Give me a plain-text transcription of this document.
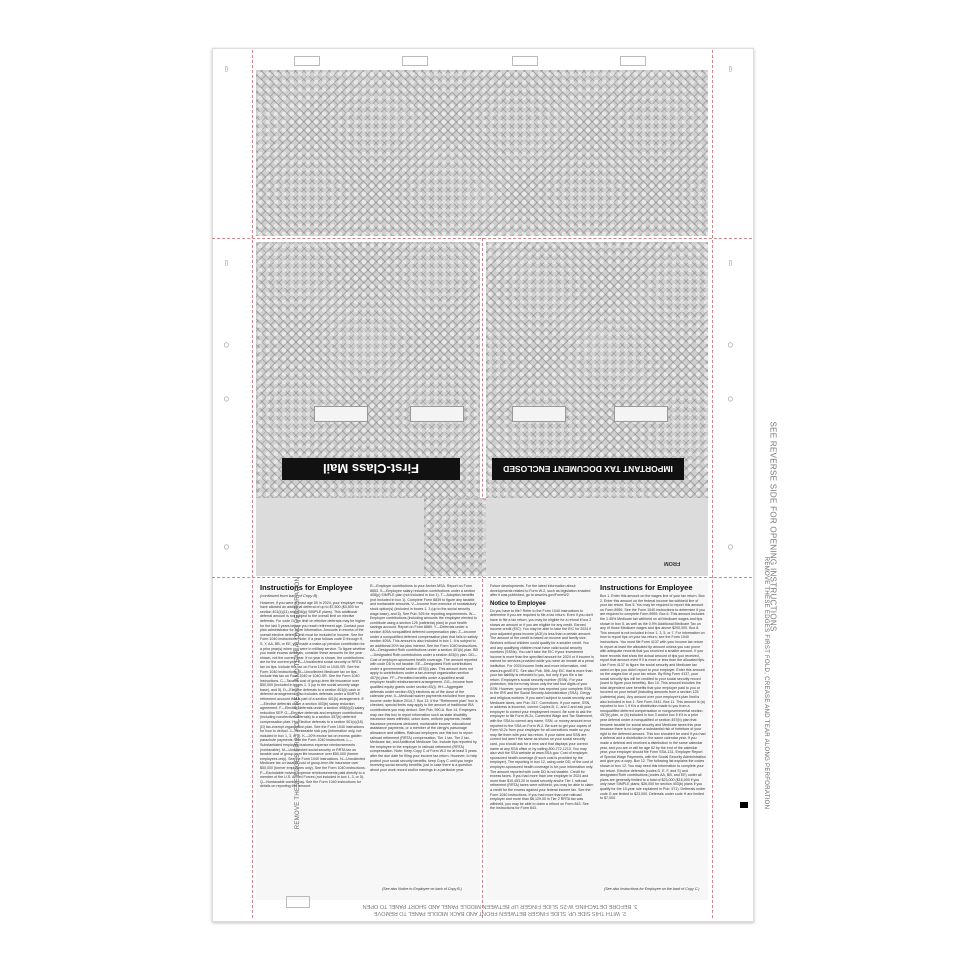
▯
▯
○
○
○
▯
▯
○
○
○
First-Class Mail	IMPORTANT TAX DOCUMENT ENCLOSED
FROM	SEE REVERSE SIDE FOR OPENING INSTRUCTIONS
Instructions for Employee
(continued from back of Copy B)

However, if you were at least age 50 in 2024, your employer may have allowed an additional deferral of up to $7,500 ($3,500 for section 401(k)(11) and 408(p) SIMPLE plans). This additional deferral amount is not subject to the overall limit on elective deferrals. For code G, the limit on elective deferrals may be higher for the last 3 years before you reach retirement age. Contact your plan administrator for more information. Amounts in excess of the overall elective deferral limit must be included in income. See the Form 1040 instructions. Note: If a year follows code D through H, S, Y, AA, BB, or EE, you made a make-up pension contribution for a prior year(s) when you were in military service. To figure whether you made excess deferrals, consider these amounts for the year shown, not the current year. If no year is shown, the contributions are for the current year. A—Uncollected social security or RRTA tax on tips. Include this tax on Form 1040 or 1040-SR. See the Form 1040 instructions. B—Uncollected Medicare tax on tips. Include this tax on Form 1040 or 1040-SR. See the Form 1040 instructions. C—Taxable cost of group-term life insurance over $50,000 (included in boxes 1, 3 (up to the social security wage base), and 5). D—Elective deferrals to a section 401(k) cash or deferred arrangement. Also includes deferrals under a SIMPLE retirement account that is part of a section 401(k) arrangement. E—Elective deferrals under a section 403(b) salary reduction agreement. F—Elective deferrals under a section 408(k)(6) salary reduction SEP. G—Elective deferrals and employer contributions (including nonelective deferrals) to a section 457(b) deferred compensation plan. H—Elective deferrals to a section 501(c)(18)(D) tax-exempt organization plan. See the Form 1040 instructions for how to deduct. J—Nontaxable sick pay (information only, not included in box 1, 3, or 5). K—20% excise tax on excess golden parachute payments. See the Form 1040 instructions. L—Substantiated employee business expense reimbursements (nontaxable). M—Uncollected social security or RRTA tax on taxable cost of group-term life insurance over $50,000 (former employees only). See the Form 1040 instructions. N—Uncollected Medicare tax on taxable cost of group-term life insurance over $50,000 (former employees only). See the Form 1040 instructions. P—Excludable moving expense reimbursements paid directly to a member of the U.S. Armed Forces (not included in box 1, 3, or 5). Q—Nontaxable combat pay. See the Form 1040 instructions for details on reporting this amount.

R—Employer contributions to your Archer MSA. Report on Form 8853. S—Employee salary reduction contributions under a section 408(p) SIMPLE plan (not included in box 1). T—Adoption benefits (not included in box 1). Complete Form 8839 to figure any taxable and nontaxable amounts. V—Income from exercise of nonstatutory stock option(s) (included in boxes 1, 3 (up to the social security wage base), and 5). See Pub. 525 for reporting requirements. W—Employer contributions (including amounts the employee elected to contribute using a section 125 (cafeteria) plan) to your health savings account. Report on Form 8889. Y—Deferrals under a section 409A nonqualified deferred compensation plan. Z—Income under a nonqualified deferred compensation plan that fails to satisfy section 409A. This amount is also included in box 1. It is subject to an additional 20% tax plus interest. See the Form 1040 instructions. AA—Designated Roth contributions under a section 401(k) plan. BB—Designated Roth contributions under a section 403(b) plan. DD—Cost of employer-sponsored health coverage. The amount reported with code DD is not taxable. EE—Designated Roth contributions under a governmental section 457(b) plan. This amount does not apply to contributions under a tax-exempt organization section 457(b) plan. FF—Permitted benefits under a qualified small employer health reimbursement arrangement. GG—Income from qualified equity grants under section 83(i). HH—Aggregate deferrals under section 83(i) elections as of the close of the calendar year. II—Medicaid waiver payments excluded from gross income under Notice 2014-7. Box 13. If the "Retirement plan" box is checked, special limits may apply to the amount of traditional IRA contributions you may deduct. See Pub. 590-A. Box 14. Employers may use this box to report information such as state disability insurance taxes withheld, union dues, uniform payments, health insurance premiums deducted, nontaxable income, educational assistance payments, or a member of the clergy's parsonage allowance and utilities. Railroad employers use this box to report railroad retirement (RRTA) compensation, Tier 1 tax, Tier 2 tax, Medicare tax, and Additional Medicare Tax. Include tips reported by the employee to the employer in railroad retirement (RRTA) compensation. Note: Keep Copy C of Form W-2 for at least 3 years after the due date for filing your income tax return. However, to help protect your social security benefits, keep Copy C until you begin receiving social security benefits, just in case there is a question about your work record and/or earnings in a particular year.

(See also Notice to Employee on back of Copy B.)

Future developments. For the latest information about developments related to Form W-2, such as legislation enacted after it was published, go to www.irs.gov/FormW2.

Notice to Employee

Do you have to file? Refer to the Form 1040 instructions to determine if you are required to file a tax return. Even if you don't have to file a tax return, you may be eligible for a refund if box 2 shows an amount or if you are eligible for any credit. Earned income credit (EIC). You may be able to take the EIC for 2024 if your adjusted gross income (AGI) is less than a certain amount. The amount of the credit is based on income and family size. Workers without children could qualify for a smaller credit. You and any qualifying children must have valid social security numbers (SSNs). You can't take the EIC if your investment income is more than the specified amount for 2024 or if income is earned for services provided while you were an inmate at a penal institution. For 2024 income limits and more information, visit www.irs.gov/EITC. See also Pub. 596. Any EIC that is more than your tax liability is refunded to you, but only if you file a tax return. Employee's social security number (SSN). For your protection, this form may show only the last four digits of your SSN. However, your employer has reported your complete SSN to the IRS and the Social Security Administration (SSA). Clergy and religious workers. If you aren't subject to social security and Medicare taxes, see Pub. 517. Corrections. If your name, SSN, or address is incorrect, correct Copies B, C, and 2 and ask your employer to correct your employment record. Be sure to ask the employer to file Form W-2c, Corrected Wage and Tax Statement, with the SSA to correct any name, SSN, or money amount error reported to the SSA on Form W-2. Be sure to get your copies of Form W-2c from your employer for all corrections made so you may file them with your tax return. If your name and SSN are correct but aren't the same as shown on your social security card, you should ask for a new card that displays your correct name at any SSA office or by calling 800-772-1213. You may also visit the SSA website at www.SSA.gov. Cost of employer-sponsored health coverage (if such cost is provided by the employer). The reporting in box 12, using code DD, of the cost of employer-sponsored health coverage is for your information only. The amount reported with code DD is not taxable. Credit for excess taxes. If you had more than one employer in 2024 and more than $10,453.20 in social security and/or Tier 1 railroad retirement (RRTA) taxes were withheld, you may be able to claim a credit for the excess against your federal income tax. See the Form 1040 instructions. If you had more than one railroad employer and more than $6,129.00 in Tier 2 RRTA tax was withheld, you may be able to claim a refund on Form 843. See the Instructions for Form 843.

Instructions for Employee

Box 1. Enter this amount on the wages line of your tax return. Box 2. Enter this amount on the federal income tax withheld line of your tax return. Box 5. You may be required to report this amount on Form 8959. See the Form 1040 instructions to determine if you are required to complete Form 8959. Box 6. This amount includes the 1.45% Medicare tax withheld on all Medicare wages and tips shown in box 5, as well as the 0.9% Additional Medicare Tax on any of those Medicare wages and tips above $200,000. Box 8. This amount is not included in box 1, 3, 5, or 7. For information on how to report tips on your tax return, see the Form 1040 instructions. You must file Form 4137 with your income tax return to report at least the allocated tip amount unless you can prove with adequate records that you received a smaller amount. If you have records that show the actual amount of tips you received, report that amount even if it is more or less than the allocated tips. Use Form 4137 to figure the social security and Medicare tax owed on tips you didn't report to your employer. Enter this amount on the wages line of your tax return. By filing Form 4137, your social security tips will be credited to your social security record (used to figure your benefits). Box 10. This amount includes the total dependent care benefits that your employer paid to you or incurred on your behalf (including amounts from a section 125 (cafeteria) plan). Any amount over your employer's plan limit is also included in box 1. See Form 2441. Box 11. This amount is (a) reported in box 1 if it is a distribution made to you from a nonqualified deferred compensation or nongovernmental section 457(b) plan, or (b) included in box 3 and/or box 5 if it is a prior year deferral under a nonqualified or section 457(b) plan that became taxable for social security and Medicare taxes this year because there is no longer a substantial risk of forfeiture of your right to the deferred amount. This box shouldn't be used if you had a deferral and a distribution in the same calendar year. If you made a deferral and received a distribution in the same calendar year, and you are or will be age 62 by the end of the calendar year, your employer should file Form SSA-131, Employer Report of Special Wage Payments, with the Social Security Administration and give you a copy. Box 12. The following list explains the codes shown in box 12. You may need this information to complete your tax return. Elective deferrals (codes D, E, F, and S) and designated Roth contributions (codes AA, BB, and EE) under all plans are generally limited to a total of $23,000 ($16,000 if you only have SIMPLE plans; $26,000 for section 403(b) plans if you qualify for the 15-year rule explained in Pub. 571). Deferrals under code G are limited to $23,000. Deferrals under code H are limited to $7,000.

(See also Instructions for Employee on the back of Copy C.)
REMOVE THESE EDGES FIRST FOLD, CREASE AND TEAR ALONG PERFORATION	REMOVE THESE EDGES FIRST FOLD, CREASE AND TEAR ALONG PERFORATION
2. WITH THIS SIDE UP, SLIDE FINGER BETWEEN FRONT AND BACK MIDDLE PANEL TO REMOVE
3. BEFORE DETACHING W-2S SLIDE FINGER UP BETWEEN MIDDLE PANEL AND SHORT PANEL TO OPEN
